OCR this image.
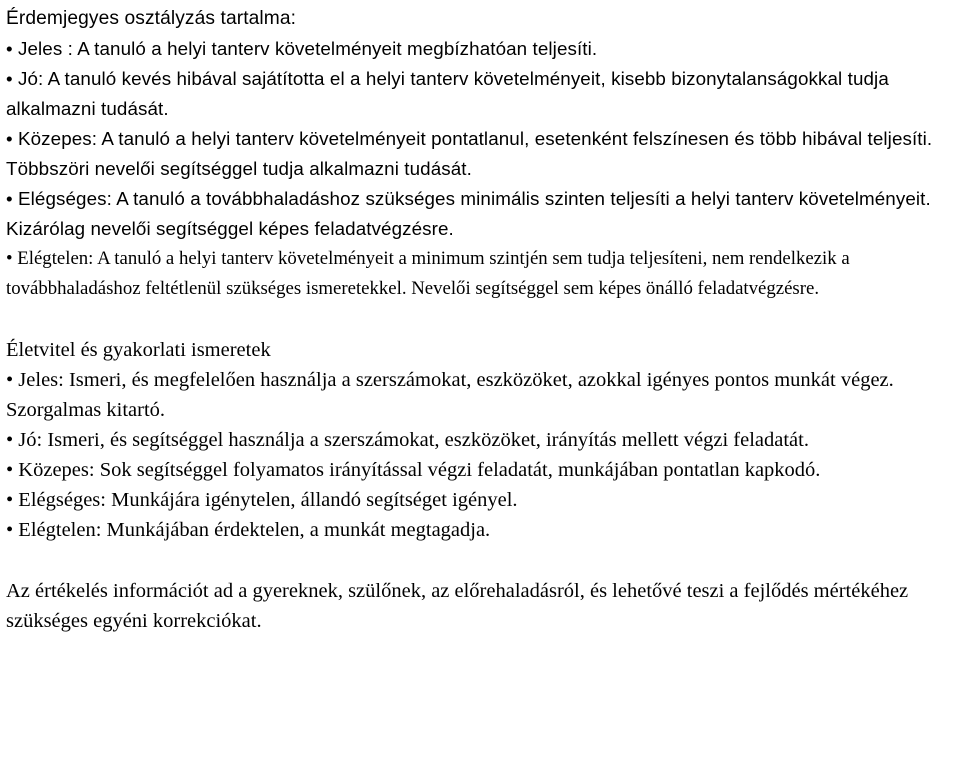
Érdemjegyes osztályzás tartalma:

• Jeles : A tanuló a helyi tanterv követelményeit megbízhatóan teljesíti.

• Jó: A tanuló kevés hibával sajátította el a helyi tanterv követelményeit, kisebb bizonytalanságokkal tudja alkalmazni tudását.

• Közepes: A tanuló a helyi tanterv követelményeit pontatlanul, esetenként felszínesen és több hibával teljesíti. Többszöri nevelői segítséggel tudja alkalmazni tudását.

• Elégséges: A tanuló a továbbhaladáshoz szükséges minimális szinten teljesíti a helyi tanterv követelményeit. Kizárólag nevelői segítséggel képes feladatvégzésre.

• Elégtelen: A tanuló a helyi tanterv követelményeit a minimum szintjén sem tudja teljesíteni, nem rendelkezik a továbbhaladáshoz feltétlenül szükséges ismeretekkel. Nevelői segítséggel sem képes önálló feladatvégzésre.

Életvitel és gyakorlati ismeretek

• Jeles: Ismeri, és megfelelően használja a szerszámokat, eszközöket, azokkal igényes pontos munkát végez. Szorgalmas kitartó.

• Jó: Ismeri, és segítséggel használja a szerszámokat, eszközöket, irányítás mellett végzi feladatát.

• Közepes: Sok segítséggel folyamatos irányítással végzi feladatát, munkájában pontatlan kapkodó.

• Elégséges: Munkájára igénytelen, állandó segítséget igényel.

• Elégtelen: Munkájában érdektelen, a munkát megtagadja.

Az értékelés információt ad a gyereknek, szülőnek, az előrehaladásról, és lehetővé teszi a fejlődés mértékéhez szükséges egyéni korrekciókat.
